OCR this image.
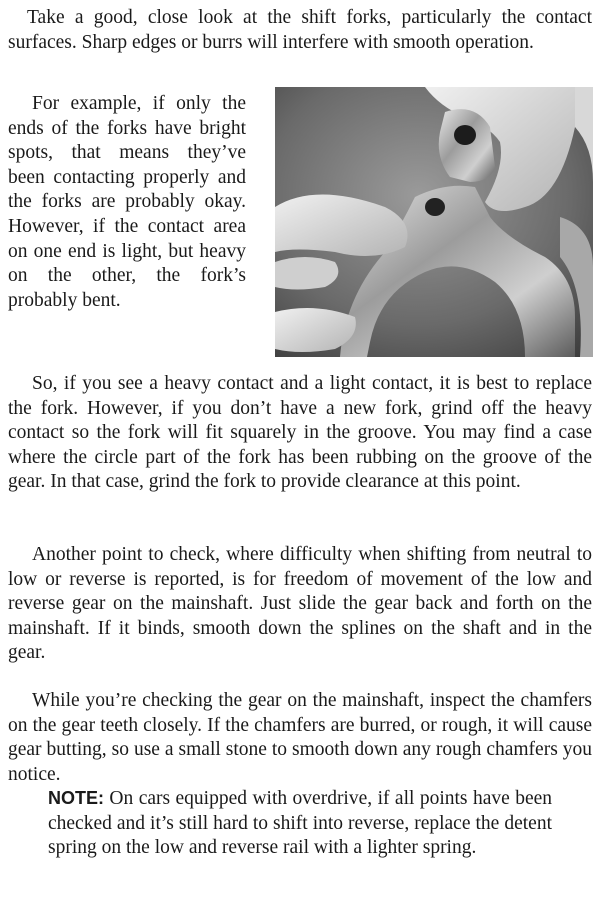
Take a good, close look at the shift forks, particularly the contact surfaces. Sharp edges or burrs will interfere with smooth operation.

For example, if only the ends of the forks have bright spots, that means they’ve been contacting properly and the forks are probably okay. However, if the contact area on one end is light, but heavy on the other, the fork’s probably bent.

So, if you see a heavy contact and a light contact, it is best to replace the fork. However, if you don’t have a new fork, grind off the heavy contact so the fork will fit squarely in the groove. You may find a case where the circle part of the fork has been rubbing on the groove of the gear. In that case, grind the fork to provide clearance at this point.

Another point to check, where difficulty when shifting from neutral to low or reverse is reported, is for freedom of movement of the low and reverse gear on the mainshaft. Just slide the gear back and forth on the mainshaft. If it binds, smooth down the splines on the shaft and in the gear.

While you’re checking the gear on the mainshaft, inspect the chamfers on the gear teeth closely. If the chamfers are burred, or rough, it will cause gear butting, so use a small stone to smooth down any rough chamfers you notice.

NOTE: On cars equipped with overdrive, if all points have been checked and it’s still hard to shift into reverse, replace the detent spring on the low and reverse rail with a lighter spring.
